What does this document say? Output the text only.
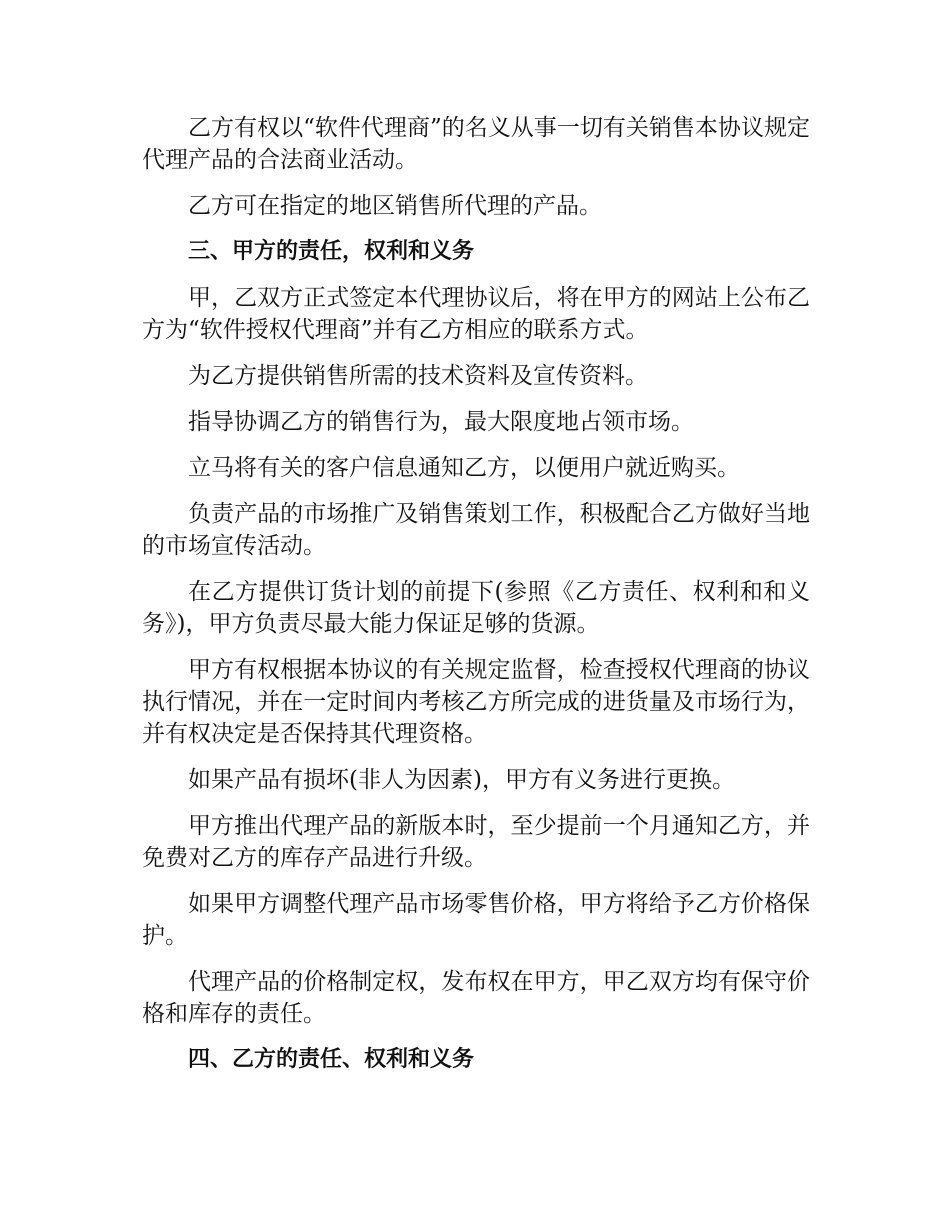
乙方有权以“软件代理商”的名义从事一切有关销售本协议规定代理产品的合法商业活动。

乙方可在指定的地区销售所代理的产品。

三、甲方的责任，权利和义务

甲，乙双方正式签定本代理协议后，将在甲方的网站上公布乙方为“软件授权代理商”并有乙方相应的联系方式。

为乙方提供销售所需的技术资料及宣传资料。

指导协调乙方的销售行为，最大限度地占领市场。

立马将有关的客户信息通知乙方，以便用户就近购买。

负责产品的市场推广及销售策划工作，积极配合乙方做好当地的市场宣传活动。

在乙方提供订货计划的前提下(参照《乙方责任、权利和和义务》)，甲方负责尽最大能力保证足够的货源。

甲方有权根据本协议的有关规定监督，检查授权代理商的协议执行情况，并在一定时间内考核乙方所完成的进货量及市场行为，并有权决定是否保持其代理资格。

如果产品有损坏(非人为因素)，甲方有义务进行更换。

甲方推出代理产品的新版本时，至少提前一个月通知乙方，并免费对乙方的库存产品进行升级。

如果甲方调整代理产品市场零售价格，甲方将给予乙方价格保护。

代理产品的价格制定权，发布权在甲方，甲乙双方均有保守价格和库存的责任。

四、乙方的责任、权利和义务
